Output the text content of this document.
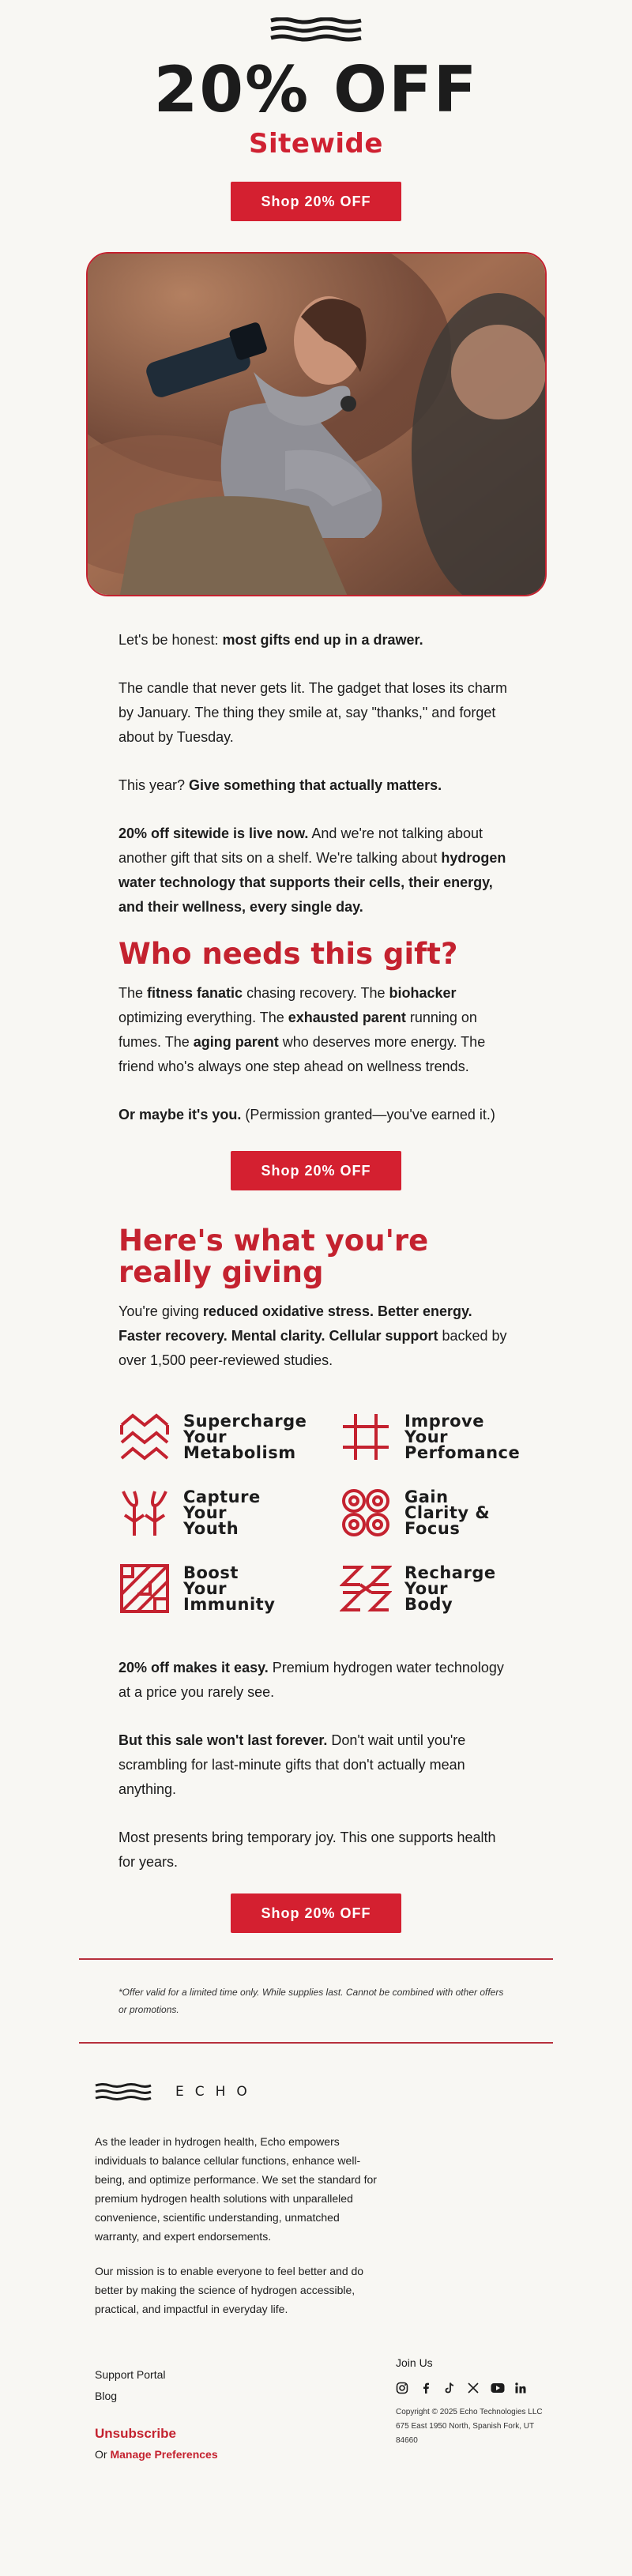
20% OFF
Sitewide
Shop 20% OFF

Let's be honest: most gifts end up in a drawer.

The candle that never gets lit. The gadget that loses its charm by January. The thing they smile at, say "thanks," and forget about by Tuesday.

This year? Give something that actually matters.

20% off sitewide is live now. And we're not talking about another gift that sits on a shelf. We're talking about hydrogen water technology that supports their cells, their energy, and their wellness, every single day.

Who needs this gift?

The fitness fanatic chasing recovery. The biohacker optimizing everything. The exhausted parent running on fumes. The aging parent who deserves more energy. The friend who's always one step ahead on wellness trends.

Or maybe it's you. (Permission granted—you've earned it.)

Shop 20% OFF
Here's what you're really giving

You're giving reduced oxidative stress. Better energy. Faster recovery. Mental clarity. Cellular support backed by over 1,500 peer-reviewed studies.

Supercharge
Your
Metabolism
Improve
Your
Perfomance
Capture
Your
Youth
Gain
Clarity &
Focus
Boost
Your
Immunity
Recharge
Your
Body

20% off makes it easy. Premium hydrogen water technology at a price you rarely see.

But this sale won't last forever. Don't wait until you're scrambling for last-minute gifts that don't actually mean anything.

Most presents bring temporary joy. This one supports health for years.

Shop 20% OFF
*Offer valid for a limited time only. While supplies last. Cannot be combined with other offers or promotions.
ECHO

As the leader in hydrogen health, Echo empowers individuals to balance cellular functions, enhance well-being, and optimize performance. We set the standard for premium hydrogen health solutions with unparalleled convenience, scientific understanding, unmatched warranty, and expert endorsements.

Our mission is to enable everyone to feel better and do better by making the science of hydrogen accessible, practical, and impactful in everyday life.

Support Portal
Blog
Unsubscribe
Or Manage Preferences
Join Us
Copyright © 2025 Echo Technologies LLC
675 East 1950 North, Spanish Fork, UT 84660
